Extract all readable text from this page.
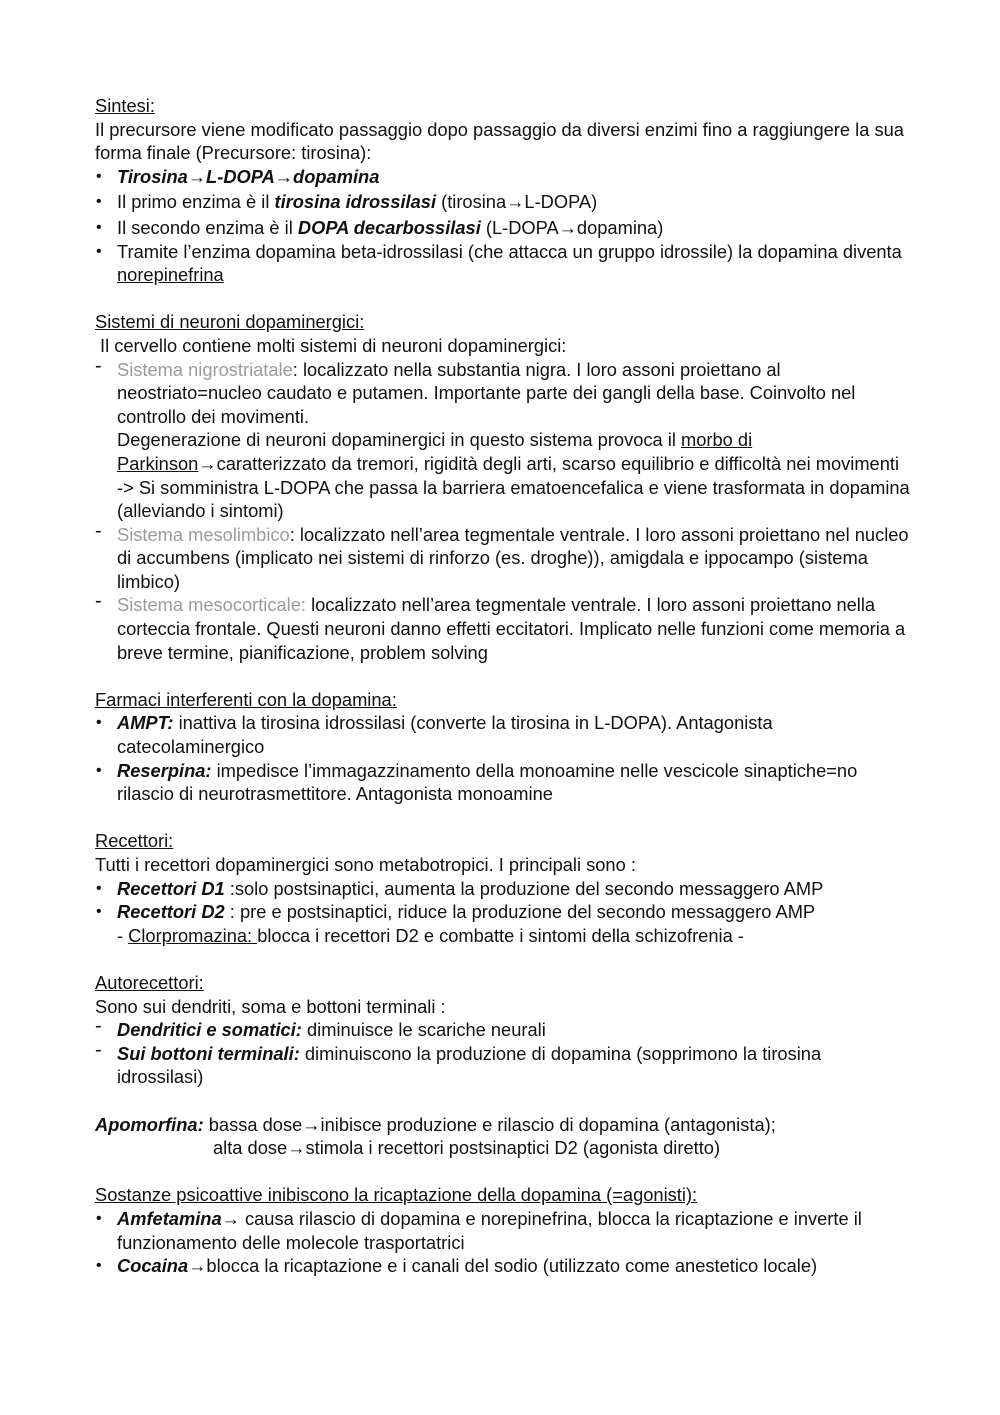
Sintesi:

Il precursore viene modificato passaggio dopo passaggio da diversi enzimi fino a raggiungere la sua forma finale (Precursore: tirosina):

• Tirosina→L-DOPA→dopamina
• Il primo enzima è il tirosina idrossilasi (tirosina→L-DOPA)
• Il secondo enzima è il DOPA decarbossilasi (L-DOPA→dopamina)
• Tramite l’enzima dopamina beta-idrossilasi (che attacca un gruppo idrossile) la dopamina diventa norepinefrina

Sistemi di neuroni dopaminergici:

Il cervello contiene molti sistemi di neuroni dopaminergici:

- Sistema nigrostriatale: localizzato nella substantia nigra. I loro assoni proiettano al neostriato=nucleo caudato e putamen. Importante parte dei gangli della base. Coinvolto nel controllo dei movimenti.

Degenerazione di neuroni dopaminergici in questo sistema provoca il morbo di Parkinson→caratterizzato da tremori, rigidità degli arti, scarso equilibrio e difficoltà nei movimenti -> Si somministra L-DOPA che passa la barriera ematoencefalica e viene trasformata in dopamina (alleviando i sintomi)

- Sistema mesolimbico: localizzato nell’area tegmentale ventrale. I loro assoni proiettano nel nucleo di accumbens (implicato nei sistemi di rinforzo (es. droghe)), amigdala e ippocampo (sistema limbico)
- Sistema mesocorticale: localizzato nell’area tegmentale ventrale. I loro assoni proiettano nella corteccia frontale. Questi neuroni danno effetti eccitatori. Implicato nelle funzioni come memoria a breve termine, pianificazione, problem solving

Farmaci interferenti con la dopamina:

• AMPT: inattiva la tirosina idrossilasi (converte la tirosina in L-DOPA). Antagonista catecolaminergico
• Reserpina: impedisce l’immagazzinamento della monoamine nelle vescicole sinaptiche=no rilascio di neurotrasmettitore. Antagonista monoamine

Recettori:

Tutti i recettori dopaminergici sono metabotropici. I principali sono :

• Recettori D1 :solo postsinaptici, aumenta la produzione del secondo messaggero AMP
• Recettori D2 : pre e postsinaptici, riduce la produzione del secondo messaggero AMP

- Clorpromazina: blocca i recettori D2 e combatte i sintomi della schizofrenia -

Autorecettori:

Sono sui dendriti, soma e bottoni terminali :

- Dendritici e somatici: diminuisce le scariche neurali
- Sui bottoni terminali: diminuiscono la produzione di dopamina (sopprimono la tirosina idrossilasi)

Apomorfina: bassa dose→inibisce produzione e rilascio di dopamina (antagonista);

alta dose→stimola i recettori postsinaptici D2 (agonista diretto)

Sostanze psicoattive inibiscono la ricaptazione della dopamina (=agonisti):

• Amfetamina→ causa rilascio di dopamina e norepinefrina, blocca la ricaptazione e inverte il funzionamento delle molecole trasportatrici
• Cocaina→blocca la ricaptazione e i canali del sodio (utilizzato come anestetico locale)
